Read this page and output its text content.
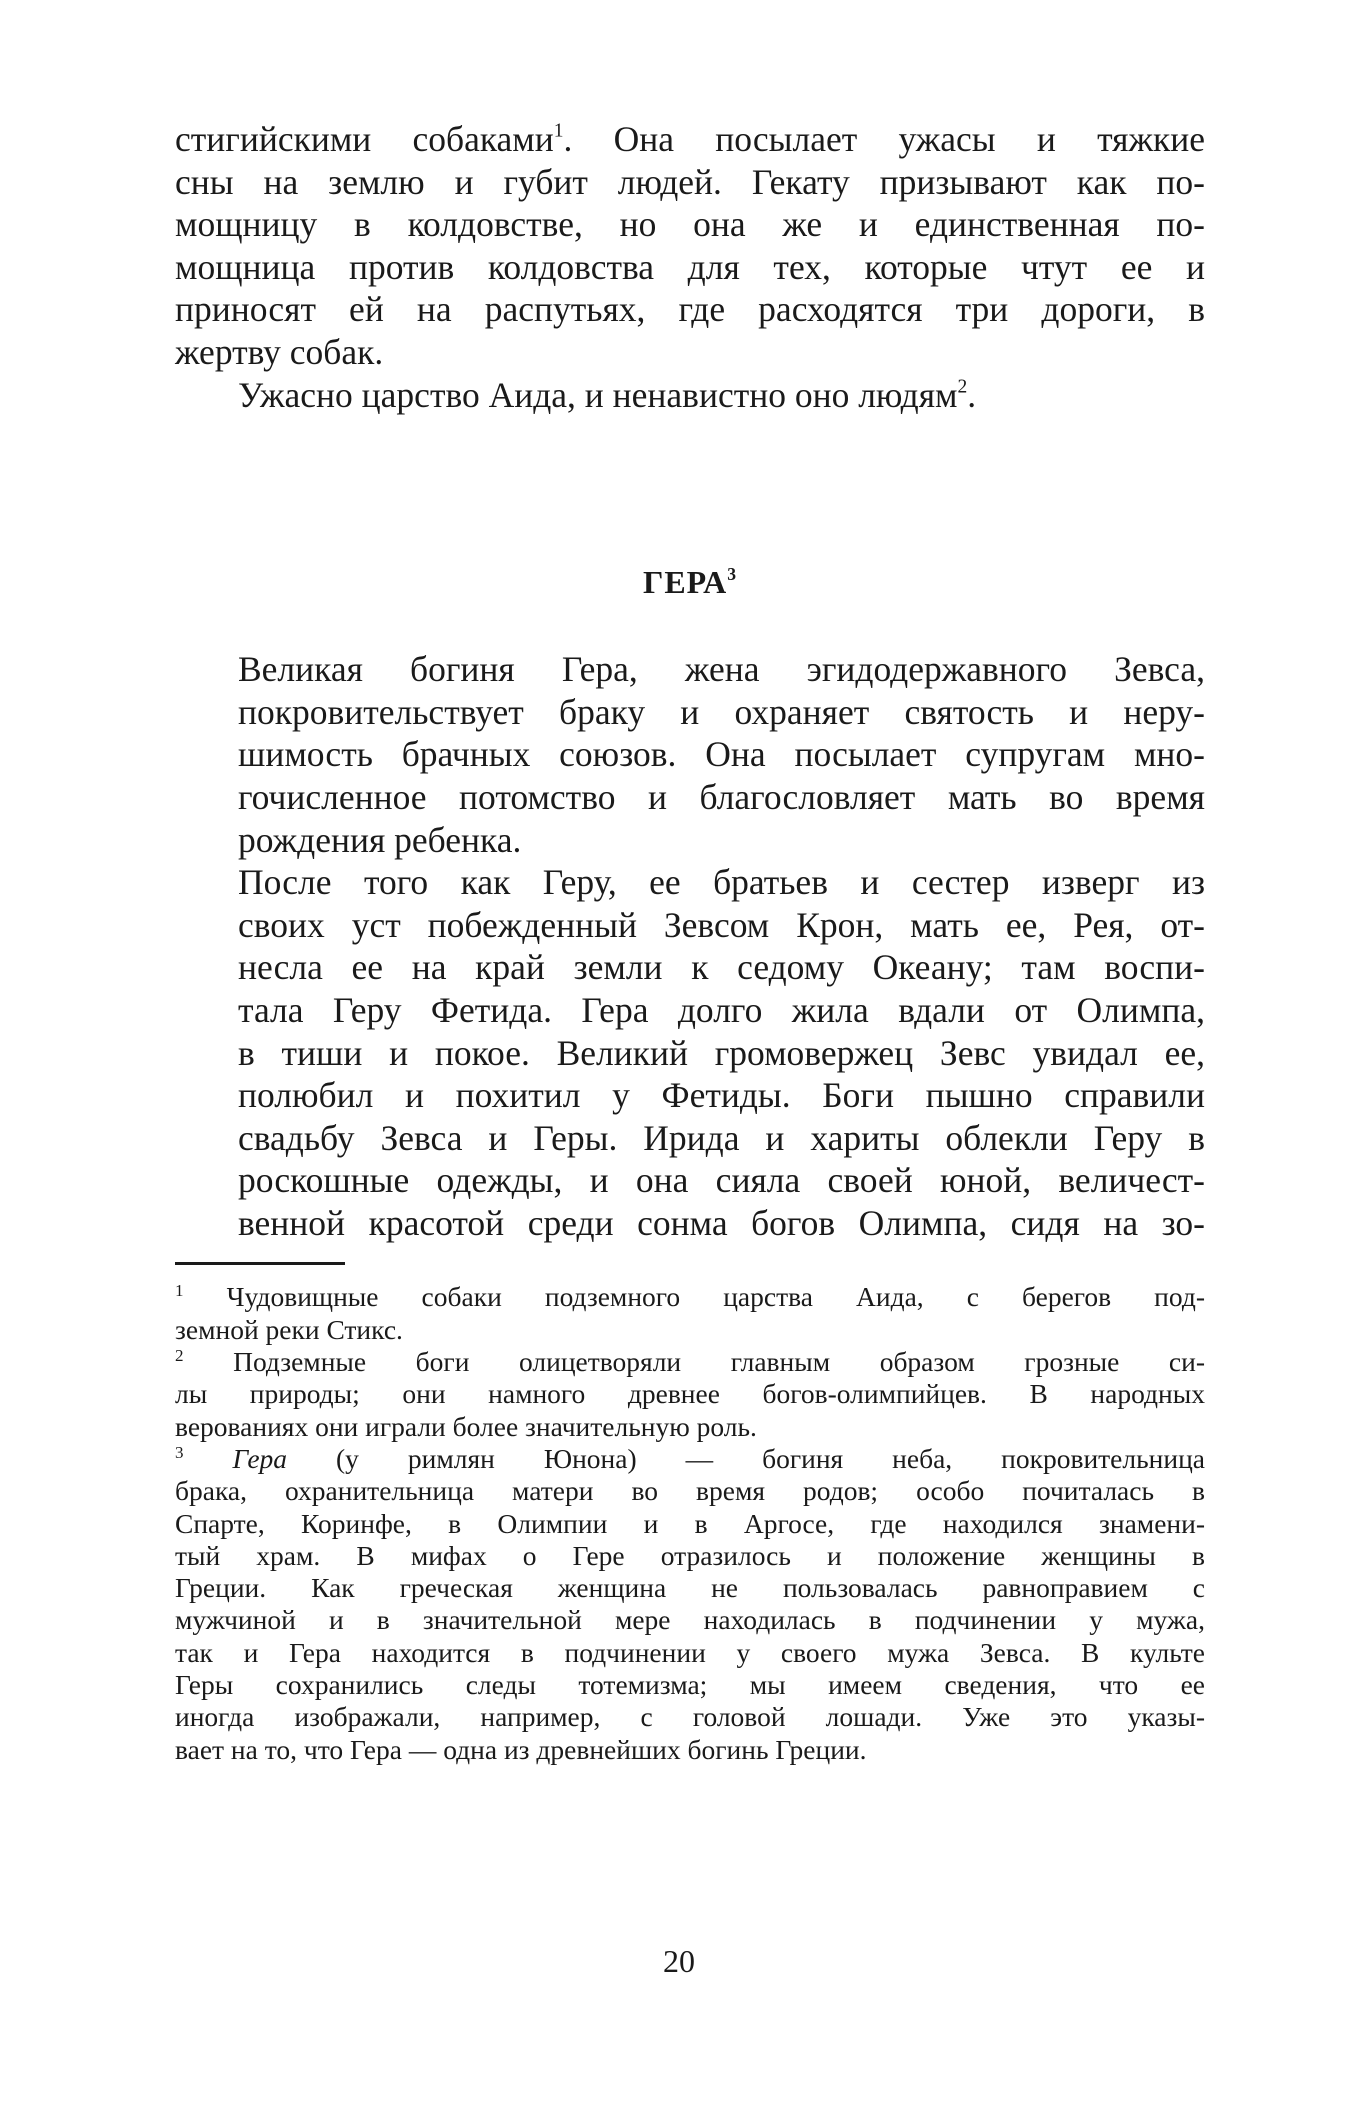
стигийскими собаками$^1$. Она посылает ужасы и тяжкие
сны на землю и губит людей. Гекату призывают как по-
мощницу в колдовстве, но она же и единственная по-
мощница против колдовства для тех, которые чтут ее и
приносят ей на распутьях, где расходятся три дороги, в
жертву собак.

Ужасно царство Аида, и ненавистно оно людям$^2$.

ГЕРА$^3$

Великая богиня Гера, жена эгидодержавного Зевса,
покровительствует браку и охраняет святость и неру-
шимость брачных союзов. Она посылает супругам мно-
гочисленное потомство и благословляет мать во время
рождения ребенка.

После того как Геру, ее братьев и сестер изверг из
своих уст побежденный Зевсом Крон, мать ее, Рея, от-
несла ее на край земли к седому Океану; там воспи-
тала Геру Фетида. Гера долго жила вдали от Олимпа,
в тиши и покое. Великий громовержец Зевс увидал ее,
полюбил и похитил у Фетиды. Боги пышно справили
свадьбу Зевса и Геры. Ирида и хариты облекли Геру в
роскошные одежды, и она сияла своей юной, величест-
венной красотой среди сонма богов Олимпа, сидя на зо-

$^1$ Чудовищные собаки подземного царства Аида, с берегов под-
земной реки Стикс.

$^2$ Подземные боги олицетворяли главным образом грозные си-
лы природы; они намного древнее богов-олимпийцев. В народных
верованиях они играли более значительную роль.

$^3$ Гера (у римлян Юнона) — богиня неба, покровительница
брака, охранительница матери во время родов; особо почиталась в
Спарте, Коринфе, в Олимпии и в Аргосе, где находился знамени-
тый храм. В мифах о Гере отразилось и положение женщины в
Греции. Как греческая женщина не пользовалась равноправием с
мужчиной и в значительной мере находилась в подчинении у мужа,
так и Гера находится в подчинении у своего мужа Зевса. В культе
Геры сохранились следы тотемизма; мы имеем сведения, что ее
иногда изображали, например, с головой лошади. Уже это указы-
вает на то, что Гера — одна из древнейших богинь Греции.

20
